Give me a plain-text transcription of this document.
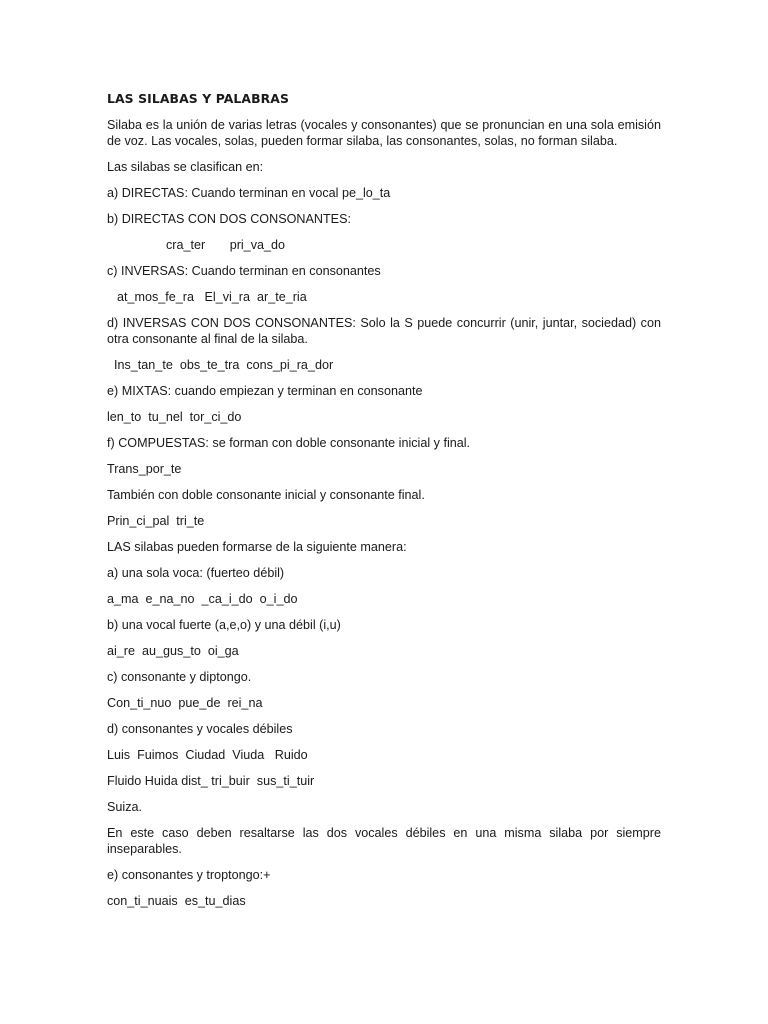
LAS SILABAS Y PALABRAS
Silaba es la unión de varias letras (vocales y consonantes) que se pronuncian en una sola emisión de voz. Las vocales, solas, pueden formar silaba, las consonantes, solas, no forman silaba.
Las silabas se clasifican en:
a) DIRECTAS: Cuando terminan en vocal pe_lo_ta
b) DIRECTAS CON DOS CONSONANTES:
cra_ter       pri_va_do
c) INVERSAS: Cuando terminan en consonantes
at_mos_fe_ra   El_vi_ra  ar_te_ria
d) INVERSAS CON DOS CONSONANTES: Solo la S puede concurrir (unir, juntar, sociedad) con otra consonante al final de la silaba.
Ins_tan_te  obs_te_tra  cons_pi_ra_dor
e) MIXTAS: cuando empiezan y terminan en consonante
len_to  tu_nel  tor_ci_do
f) COMPUESTAS: se forman con doble consonante inicial y final.
Trans_por_te
También con doble consonante inicial y consonante final.
Prin_ci_pal  tri_te
LAS silabas pueden formarse de la siguiente manera:
a) una sola voca: (fuerteo débil)
a_ma  e_na_no  _ca_i_do  o_i_do
b) una vocal fuerte (a,e,o) y una débil (i,u)
ai_re  au_gus_to  oi_ga
c) consonante y diptongo.
Con_ti_nuo  pue_de  rei_na
d) consonantes y vocales débiles
Luis  Fuimos  Ciudad  Viuda   Ruido
Fluido Huida dist_ tri_buir  sus_ti_tuir
Suiza.
En este caso deben resaltarse las dos vocales débiles en una misma silaba por siempre inseparables.
e) consonantes y troptongo:+
con_ti_nuais  es_tu_dias
